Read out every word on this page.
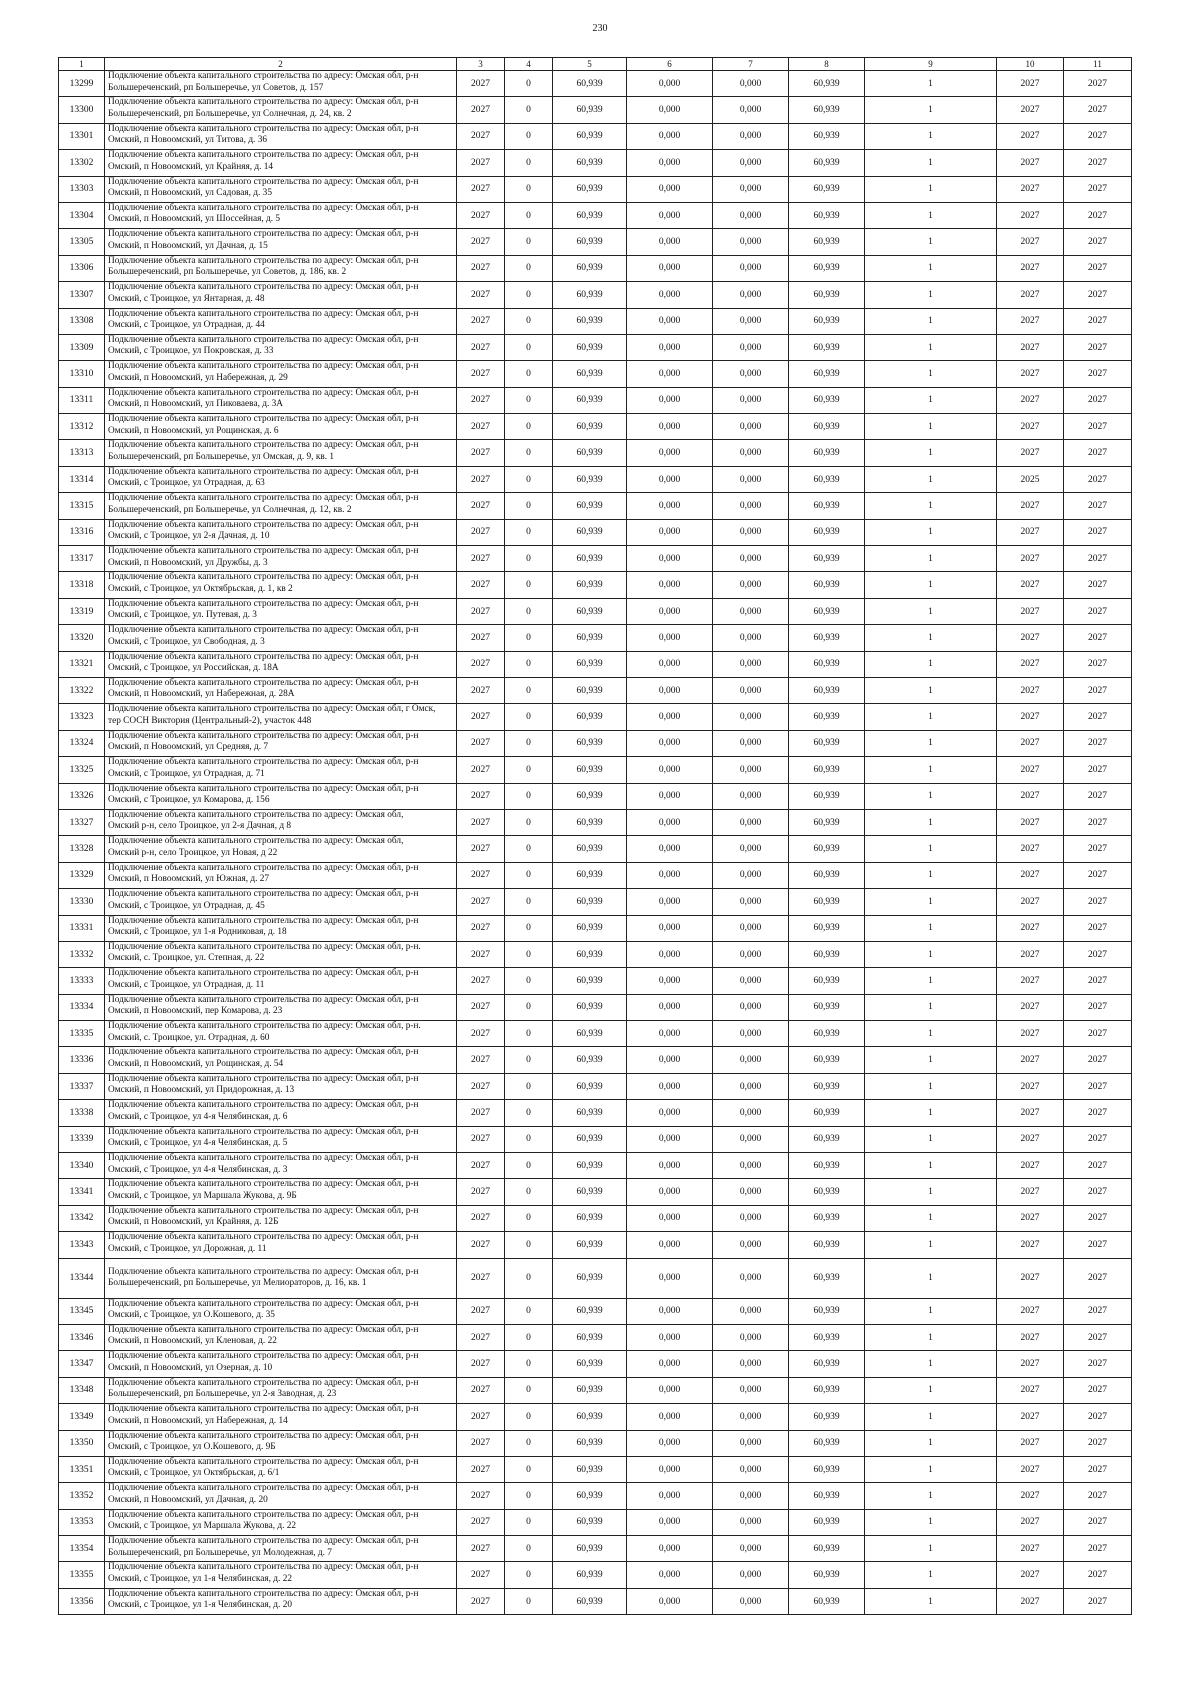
230
1	2	3	4	5	6	7	8	9	10	11
13299	Подключение объекта капитального строительства по адресу: Омская обл, р-н
Большереченский, рп Большеречье, ул Советов, д. 157	2027	0	60,939	0,000	0,000	60,939	1	2027	2027
13300	Подключение объекта капитального строительства по адресу: Омская обл, р-н
Большереченский, рп Большеречье, ул Солнечная, д. 24, кв. 2	2027	0	60,939	0,000	0,000	60,939	1	2027	2027
13301	Подключение объекта капитального строительства по адресу: Омская обл, р-н
Омский, п Новоомский, ул Титова, д. 36	2027	0	60,939	0,000	0,000	60,939	1	2027	2027
13302	Подключение объекта капитального строительства по адресу: Омская обл, р-н
Омский, п Новоомский, ул Крайняя, д. 14	2027	0	60,939	0,000	0,000	60,939	1	2027	2027
13303	Подключение объекта капитального строительства по адресу: Омская обл, р-н
Омский, п Новоомский, ул Садовая, д. 35	2027	0	60,939	0,000	0,000	60,939	1	2027	2027
13304	Подключение объекта капитального строительства по адресу: Омская обл, р-н
Омский, п Новоомский, ул Шоссейная, д. 5	2027	0	60,939	0,000	0,000	60,939	1	2027	2027
13305	Подключение объекта капитального строительства по адресу: Омская обл, р-н
Омский, п Новоомский, ул Дачная, д. 15	2027	0	60,939	0,000	0,000	60,939	1	2027	2027
13306	Подключение объекта капитального строительства по адресу: Омская обл, р-н
Большереченский, рп Большеречье, ул Советов, д. 186, кв. 2	2027	0	60,939	0,000	0,000	60,939	1	2027	2027
13307	Подключение объекта капитального строительства по адресу: Омская обл, р-н
Омский, с Троицкое, ул Янтарная, д. 48	2027	0	60,939	0,000	0,000	60,939	1	2027	2027
13308	Подключение объекта капитального строительства по адресу: Омская обл, р-н
Омский, с Троицкое, ул Отрадная, д. 44	2027	0	60,939	0,000	0,000	60,939	1	2027	2027
13309	Подключение объекта капитального строительства по адресу: Омская обл, р-н
Омский, с Троицкое, ул Покровская, д. 33	2027	0	60,939	0,000	0,000	60,939	1	2027	2027
13310	Подключение объекта капитального строительства по адресу: Омская обл, р-н
Омский, п Новоомский, ул Набережная, д. 29	2027	0	60,939	0,000	0,000	60,939	1	2027	2027
13311	Подключение объекта капитального строительства по адресу: Омская обл, р-н
Омский, п Новоомский, ул Пиковаева, д. 3А	2027	0	60,939	0,000	0,000	60,939	1	2027	2027
13312	Подключение объекта капитального строительства по адресу: Омская обл, р-н
Омский, п Новоомский, ул Рощинская, д. 6	2027	0	60,939	0,000	0,000	60,939	1	2027	2027
13313	Подключение объекта капитального строительства по адресу: Омская обл, р-н
Большереченский, рп Большеречье, ул Омская, д. 9, кв. 1	2027	0	60,939	0,000	0,000	60,939	1	2027	2027
13314	Подключение объекта капитального строительства по адресу: Омская обл, р-н
Омский, с Троицкое, ул Отрадная, д. 63	2027	0	60,939	0,000	0,000	60,939	1	2025	2027
13315	Подключение объекта капитального строительства по адресу: Омская обл, р-н
Большереченский, рп Большеречье, ул Солнечная, д. 12, кв. 2	2027	0	60,939	0,000	0,000	60,939	1	2027	2027
13316	Подключение объекта капитального строительства по адресу: Омская обл, р-н
Омский, с Троицкое, ул 2-я Дачная, д. 10	2027	0	60,939	0,000	0,000	60,939	1	2027	2027
13317	Подключение объекта капитального строительства по адресу: Омская обл, р-н
Омский, п Новоомский, ул Дружбы, д. 3	2027	0	60,939	0,000	0,000	60,939	1	2027	2027
13318	Подключение объекта капитального строительства по адресу: Омская обл, р-н
Омский, с Троицкое, ул Октябрьская, д. 1, кв 2	2027	0	60,939	0,000	0,000	60,939	1	2027	2027
13319	Подключение объекта капитального строительства по адресу: Омская обл, р-н
Омский, с Троицкое, ул. Путевая, д. 3	2027	0	60,939	0,000	0,000	60,939	1	2027	2027
13320	Подключение объекта капитального строительства по адресу: Омская обл, р-н
Омский, с Троицкое, ул Свободная, д. 3	2027	0	60,939	0,000	0,000	60,939	1	2027	2027
13321	Подключение объекта капитального строительства по адресу: Омская обл, р-н
Омский, с Троицкое, ул Российская, д. 18А	2027	0	60,939	0,000	0,000	60,939	1	2027	2027
13322	Подключение объекта капитального строительства по адресу: Омская обл, р-н
Омский, п Новоомский, ул Набережная, д. 28А	2027	0	60,939	0,000	0,000	60,939	1	2027	2027
13323	Подключение объекта капитального строительства по адресу: Омская обл, г Омск,
тер СОСН Виктория (Центральный-2), участок 448	2027	0	60,939	0,000	0,000	60,939	1	2027	2027
13324	Подключение объекта капитального строительства по адресу: Омская обл, р-н
Омский, п Новоомский, ул Средняя, д. 7	2027	0	60,939	0,000	0,000	60,939	1	2027	2027
13325	Подключение объекта капитального строительства по адресу: Омская обл, р-н
Омский, с Троицкое, ул Отрадная, д. 71	2027	0	60,939	0,000	0,000	60,939	1	2027	2027
13326	Подключение объекта капитального строительства по адресу: Омская обл, р-н
Омский, с Троицкое, ул Комарова, д. 156	2027	0	60,939	0,000	0,000	60,939	1	2027	2027
13327	Подключение объекта капитального строительства по адресу: Омская обл,
Омский р-н, село Троицкое, ул 2-я Дачная, д 8	2027	0	60,939	0,000	0,000	60,939	1	2027	2027
13328	Подключение объекта капитального строительства по адресу: Омская обл,
Омский р-н, село Троицкое, ул Новая, д 22	2027	0	60,939	0,000	0,000	60,939	1	2027	2027
13329	Подключение объекта капитального строительства по адресу: Омская обл, р-н
Омский, п Новоомский, ул Южная, д. 27	2027	0	60,939	0,000	0,000	60,939	1	2027	2027
13330	Подключение объекта капитального строительства по адресу: Омская обл, р-н
Омский, с Троицкое, ул Отрадная, д. 45	2027	0	60,939	0,000	0,000	60,939	1	2027	2027
13331	Подключение объекта капитального строительства по адресу: Омская обл, р-н
Омский, с Троицкое, ул 1-я Родниковая, д. 18	2027	0	60,939	0,000	0,000	60,939	1	2027	2027
13332	Подключение объекта капитального строительства по адресу: Омская обл, р-н.
Омский, с. Троицкое, ул. Степная, д. 22	2027	0	60,939	0,000	0,000	60,939	1	2027	2027
13333	Подключение объекта капитального строительства по адресу: Омская обл, р-н
Омский, с Троицкое, ул Отрадная, д. 11	2027	0	60,939	0,000	0,000	60,939	1	2027	2027
13334	Подключение объекта капитального строительства по адресу: Омская обл, р-н
Омский, п Новоомский, пер Комарова, д. 23	2027	0	60,939	0,000	0,000	60,939	1	2027	2027
13335	Подключение объекта капитального строительства по адресу: Омская обл, р-н.
Омский, с. Троицкое, ул. Отрадная, д. 60	2027	0	60,939	0,000	0,000	60,939	1	2027	2027
13336	Подключение объекта капитального строительства по адресу: Омская обл, р-н
Омский, п Новоомский, ул Рощинская, д. 54	2027	0	60,939	0,000	0,000	60,939	1	2027	2027
13337	Подключение объекта капитального строительства по адресу: Омская обл, р-н
Омский, п Новоомский, ул Придорожная, д. 13	2027	0	60,939	0,000	0,000	60,939	1	2027	2027
13338	Подключение объекта капитального строительства по адресу: Омская обл, р-н
Омский, с Троицкое, ул 4-я Челябинская, д. 6	2027	0	60,939	0,000	0,000	60,939	1	2027	2027
13339	Подключение объекта капитального строительства по адресу: Омская обл, р-н
Омский, с Троицкое, ул 4-я Челябинская, д. 5	2027	0	60,939	0,000	0,000	60,939	1	2027	2027
13340	Подключение объекта капитального строительства по адресу: Омская обл, р-н
Омский, с Троицкое, ул 4-я Челябинская, д. 3	2027	0	60,939	0,000	0,000	60,939	1	2027	2027
13341	Подключение объекта капитального строительства по адресу: Омская обл, р-н
Омский, с Троицкое, ул Маршала Жукова, д. 9Б	2027	0	60,939	0,000	0,000	60,939	1	2027	2027
13342	Подключение объекта капитального строительства по адресу: Омская обл, р-н
Омский, п Новоомский, ул Крайняя, д. 12Б	2027	0	60,939	0,000	0,000	60,939	1	2027	2027
13343	Подключение объекта капитального строительства по адресу: Омская обл, р-н
Омский, с Троицкое, ул Дорожная, д. 11	2027	0	60,939	0,000	0,000	60,939	1	2027	2027
13344	Подключение объекта капитального строительства по адресу: Омская обл, р-н
Большереченский, рп Большеречье, ул Мелиораторов, д. 16, кв. 1	2027	0	60,939	0,000	0,000	60,939	1	2027	2027
13345	Подключение объекта капитального строительства по адресу: Омская обл, р-н
Омский, с Троицкое, ул О.Кошевого, д. 35	2027	0	60,939	0,000	0,000	60,939	1	2027	2027
13346	Подключение объекта капитального строительства по адресу: Омская обл, р-н
Омский, п Новоомский, ул Кленовая, д. 22	2027	0	60,939	0,000	0,000	60,939	1	2027	2027
13347	Подключение объекта капитального строительства по адресу: Омская обл, р-н
Омский, п Новоомский, ул Озерная, д. 10	2027	0	60,939	0,000	0,000	60,939	1	2027	2027
13348	Подключение объекта капитального строительства по адресу: Омская обл, р-н
Большереченский, рп Большеречье, ул 2-я Заводная, д. 23	2027	0	60,939	0,000	0,000	60,939	1	2027	2027
13349	Подключение объекта капитального строительства по адресу: Омская обл, р-н
Омский, п Новоомский, ул Набережная, д. 14	2027	0	60,939	0,000	0,000	60,939	1	2027	2027
13350	Подключение объекта капитального строительства по адресу: Омская обл, р-н
Омский, с Троицкое, ул О.Кошевого, д. 9Б	2027	0	60,939	0,000	0,000	60,939	1	2027	2027
13351	Подключение объекта капитального строительства по адресу: Омская обл, р-н
Омский, с Троицкое, ул Октябрьская, д. 6/1	2027	0	60,939	0,000	0,000	60,939	1	2027	2027
13352	Подключение объекта капитального строительства по адресу: Омская обл, р-н
Омский, п Новоомский, ул Дачная, д. 20	2027	0	60,939	0,000	0,000	60,939	1	2027	2027
13353	Подключение объекта капитального строительства по адресу: Омская обл, р-н
Омский, с Троицкое, ул Маршала Жукова, д. 22	2027	0	60,939	0,000	0,000	60,939	1	2027	2027
13354	Подключение объекта капитального строительства по адресу: Омская обл, р-н
Большереченский, рп Большеречье, ул Молодежная, д. 7	2027	0	60,939	0,000	0,000	60,939	1	2027	2027
13355	Подключение объекта капитального строительства по адресу: Омская обл, р-н
Омский, с Троицкое, ул 1-я Челябинская, д. 22	2027	0	60,939	0,000	0,000	60,939	1	2027	2027
13356	Подключение объекта капитального строительства по адресу: Омская обл, р-н
Омский, с Троицкое, ул 1-я Челябинская, д. 20	2027	0	60,939	0,000	0,000	60,939	1	2027	2027
